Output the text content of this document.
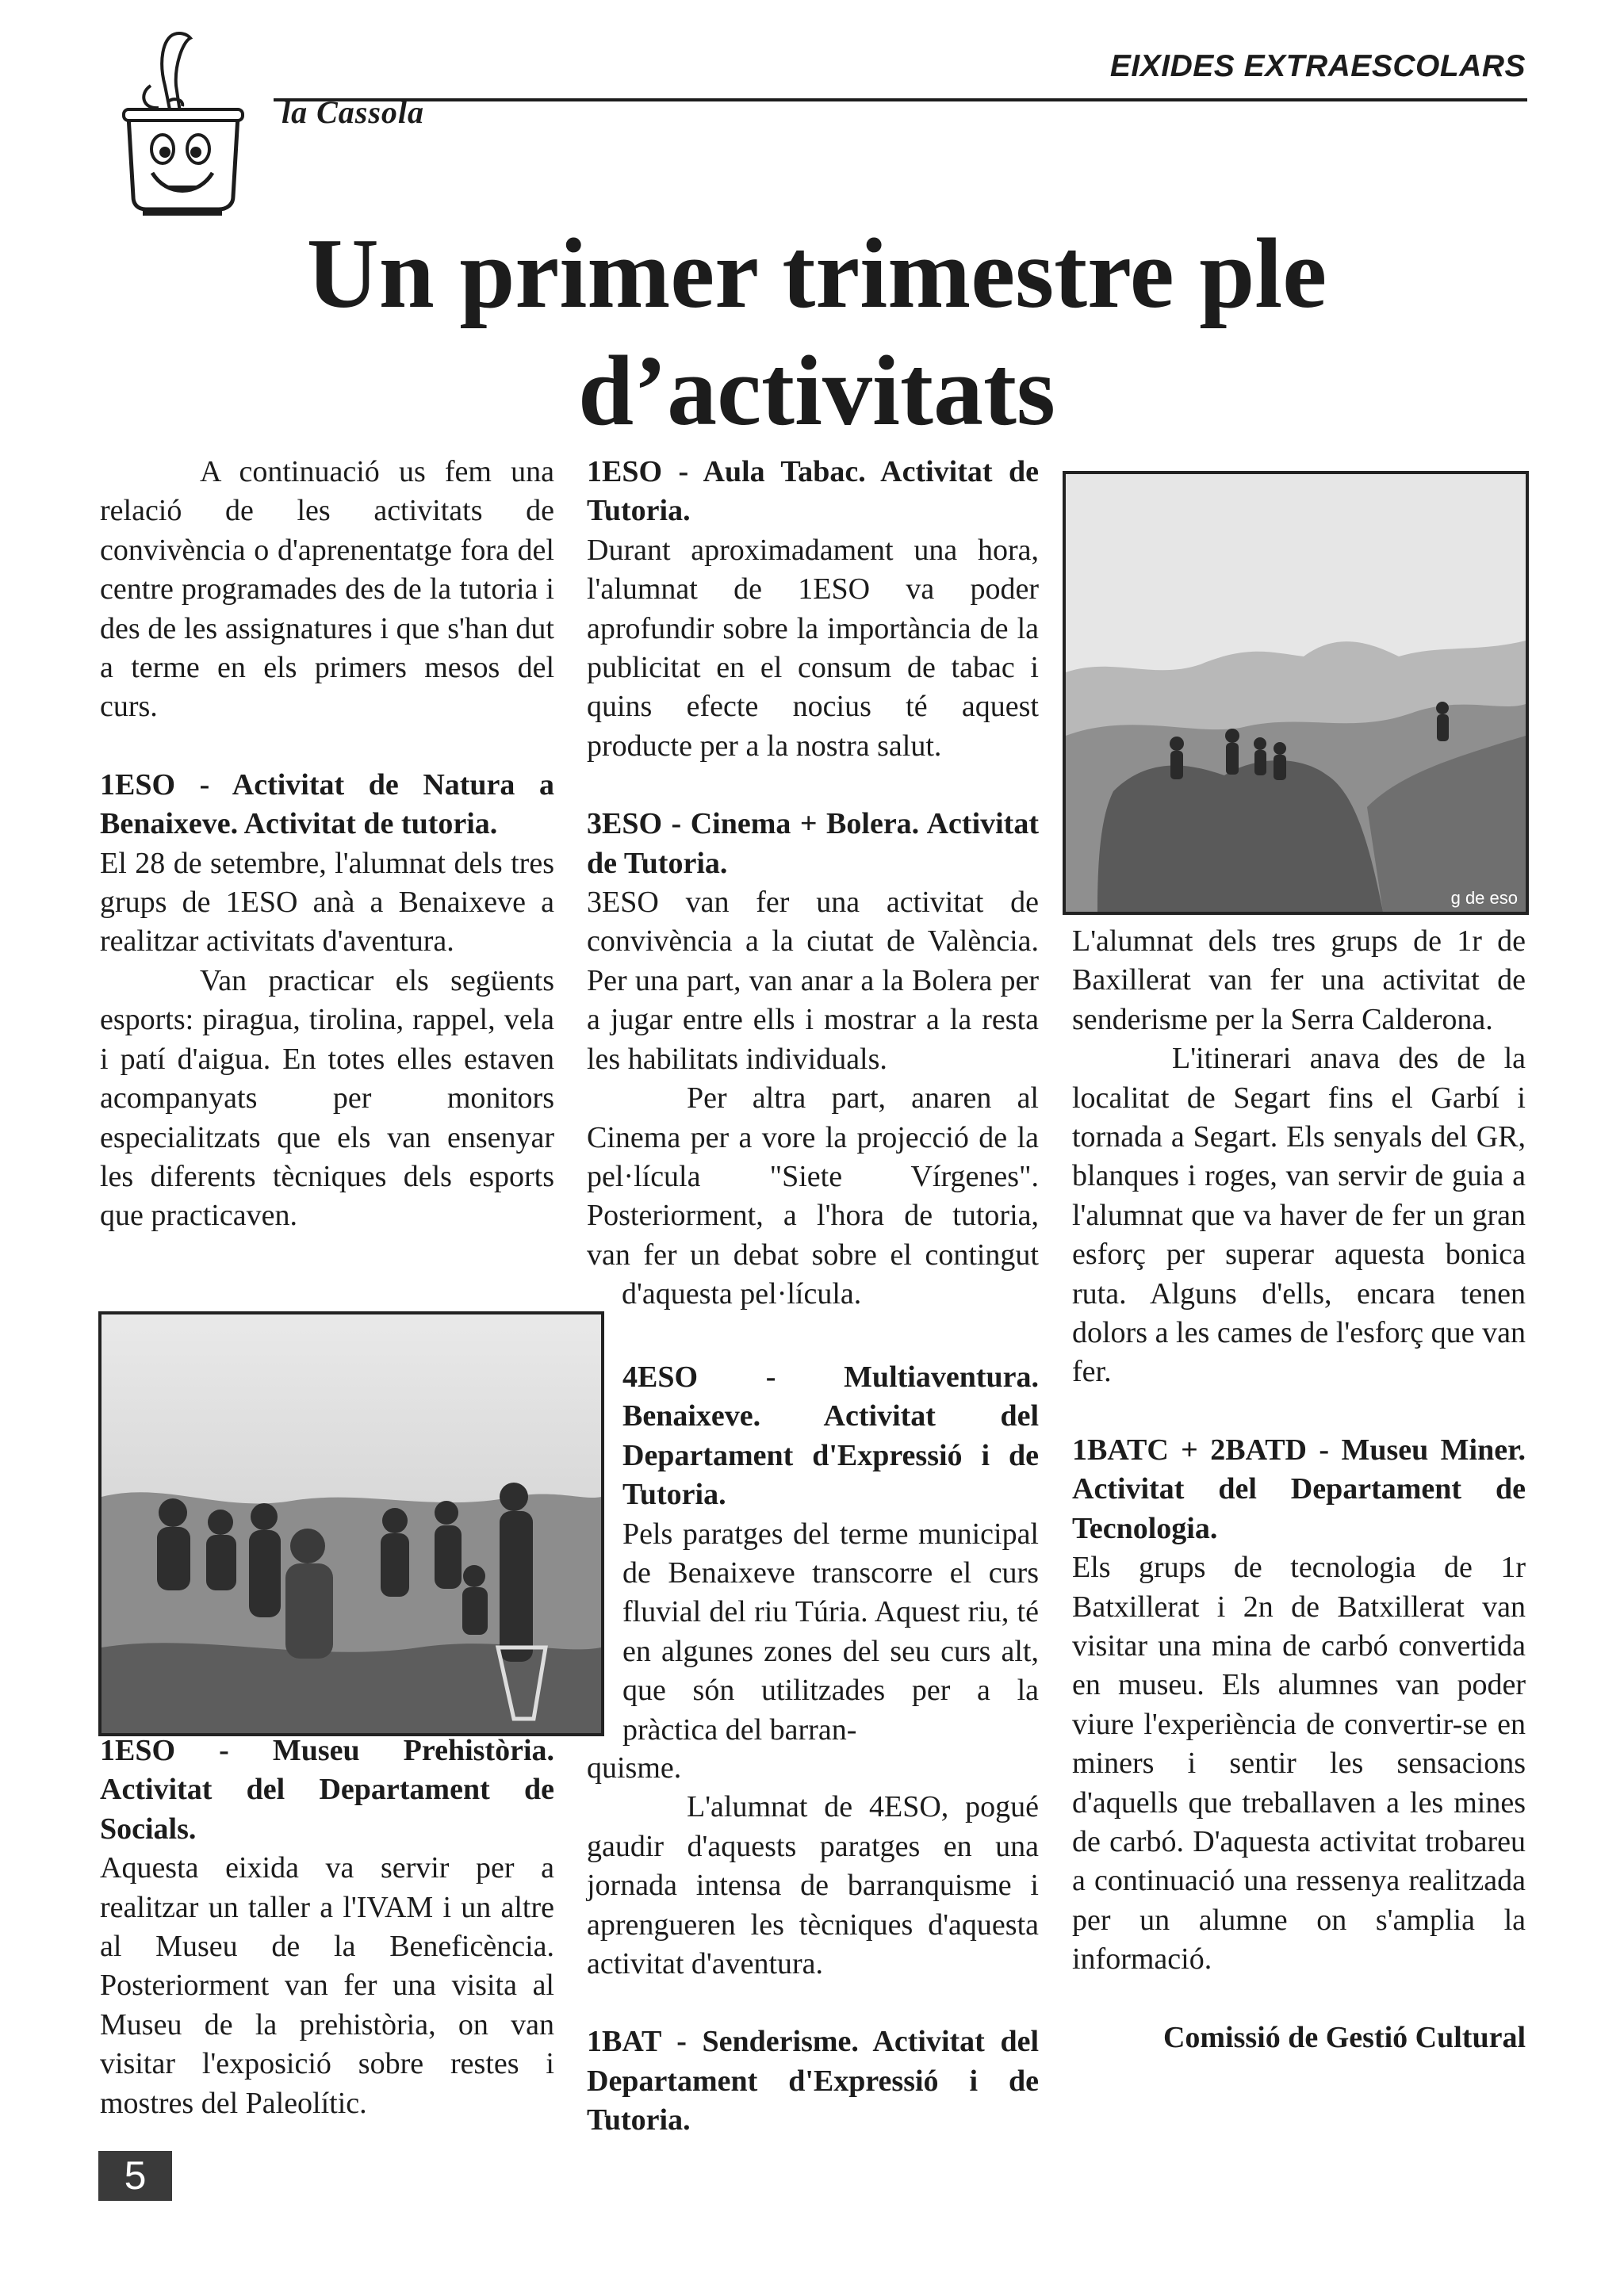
EIXIDES EXTRAESCOLARS
la Cassola
Un primer trimestre ple d’activitats

A continuació us fem una relació de les activitats de convivència o d'aprenentatge fora del centre programades des de la tutoria i des de les assignatures i que s'han dut a terme en els primers mesos del curs.

1ESO - Activitat de Natura a Benaixeve. Activitat de tutoria.

El 28 de setembre, l'alumnat dels tres grups de 1ESO anà a Benaixeve a realitzar activitats d'aventura.

Van practicar els següents esports: piragua, tirolina, rappel, vela i patí d'aigua. En totes elles estaven acompanyats per monitors especialitzats que els van ensenyar les diferents tècniques dels esports que practicaven.

1ESO - Museu Prehistòria. Activitat del Departament de Socials.

Aquesta eixida va servir per a realitzar un taller a l'IVAM i un altre al Museu de la Beneficència. Posteriorment van fer una visita al Museu de la prehistòria, on van visitar l'exposició sobre restes i mostres del Paleolític.

1ESO - Aula Tabac. Activitat de Tutoria.

Durant aproximadament una hora, l'alumnat de 1ESO va poder aprofundir sobre la importància de la publicitat en el consum de tabac i quins efecte nocius té aquest producte per a la nostra salut.

3ESO - Cinema + Bolera. Activitat de Tutoria.

3ESO van fer una activitat de convivència a la ciutat de València. Per una part, van anar a la Bolera per a jugar entre ells i mostrar a la resta les habilitats individuals.

Per altra part, anaren al Cinema per a vore la projecció de la pel·lícula "Siete Vírgenes". Posteriorment, a l'hora de tutoria, van fer un debat sobre el contingut

d'aquesta pel·lícula.

4ESO - Multiaventura. Benaixeve. Activitat del Departament d'Expressió i de Tutoria.

Pels paratges del terme municipal de Benaixeve transcorre el curs fluvial del riu Túria. Aquest riu, té en algunes zones del seu curs alt, que són utilitzades per a la pràctica del barran-

quisme.

L'alumnat de 4ESO, pogué gaudir d'aquests paratges en una jornada intensa de barranquisme i aprengueren les tècniques d'aquesta activitat d'aventura.

1BAT - Senderisme. Activitat del Departament d'Expressió i de Tutoria.

g de eso

L'alumnat dels tres grups de 1r de Baxillerat van fer una activitat de senderisme per la Serra Calderona.

L'itinerari anava des de la localitat de Segart fins el Garbí i tornada a Segart. Els senyals del GR, blanques i roges, van servir de guia a l'alumnat que va haver de fer un gran esforç per superar aquesta bonica ruta. Alguns d'ells, encara tenen dolors a les cames de l'esforç que van fer.

1BATC + 2BATD - Museu Miner. Activitat del Departament de Tecnologia.

Els grups de tecnologia de 1r Batxillerat i 2n de Batxillerat van visitar una mina de carbó convertida en museu. Els alumnes van poder viure l'experiència de convertir-se en miners i sentir les sensacions d'aquells que treballaven a les mines de carbó. D'aquesta activitat trobareu a continuació una ressenya realitzada per un alumne on s'amplia la informació.

Comissió de Gestió Cultural

5
